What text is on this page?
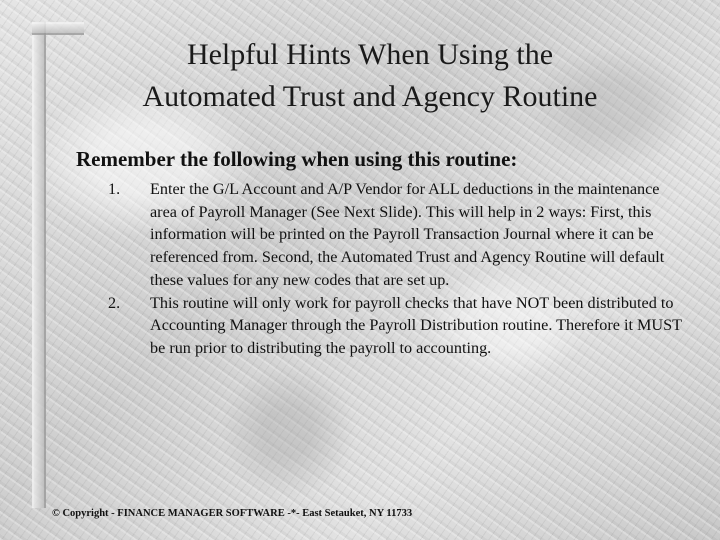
Helpful Hints When Using the
Automated Trust and Agency Routine
Remember the following when using this routine:
1.	Enter the G/L Account and A/P Vendor for ALL deductions in the maintenance area of Payroll Manager (See Next Slide). This will help in 2 ways: First, this information will be printed on the Payroll Transaction Journal where it can be referenced from. Second, the Automated Trust and Agency Routine will default these values for any new codes that are set up.
2.	This routine will only work for payroll checks that have NOT been distributed to Accounting Manager through the Payroll Distribution routine. Therefore it MUST be run prior to distributing the payroll to accounting.
© Copyright - FINANCE MANAGER SOFTWARE -*- East Setauket, NY 11733
